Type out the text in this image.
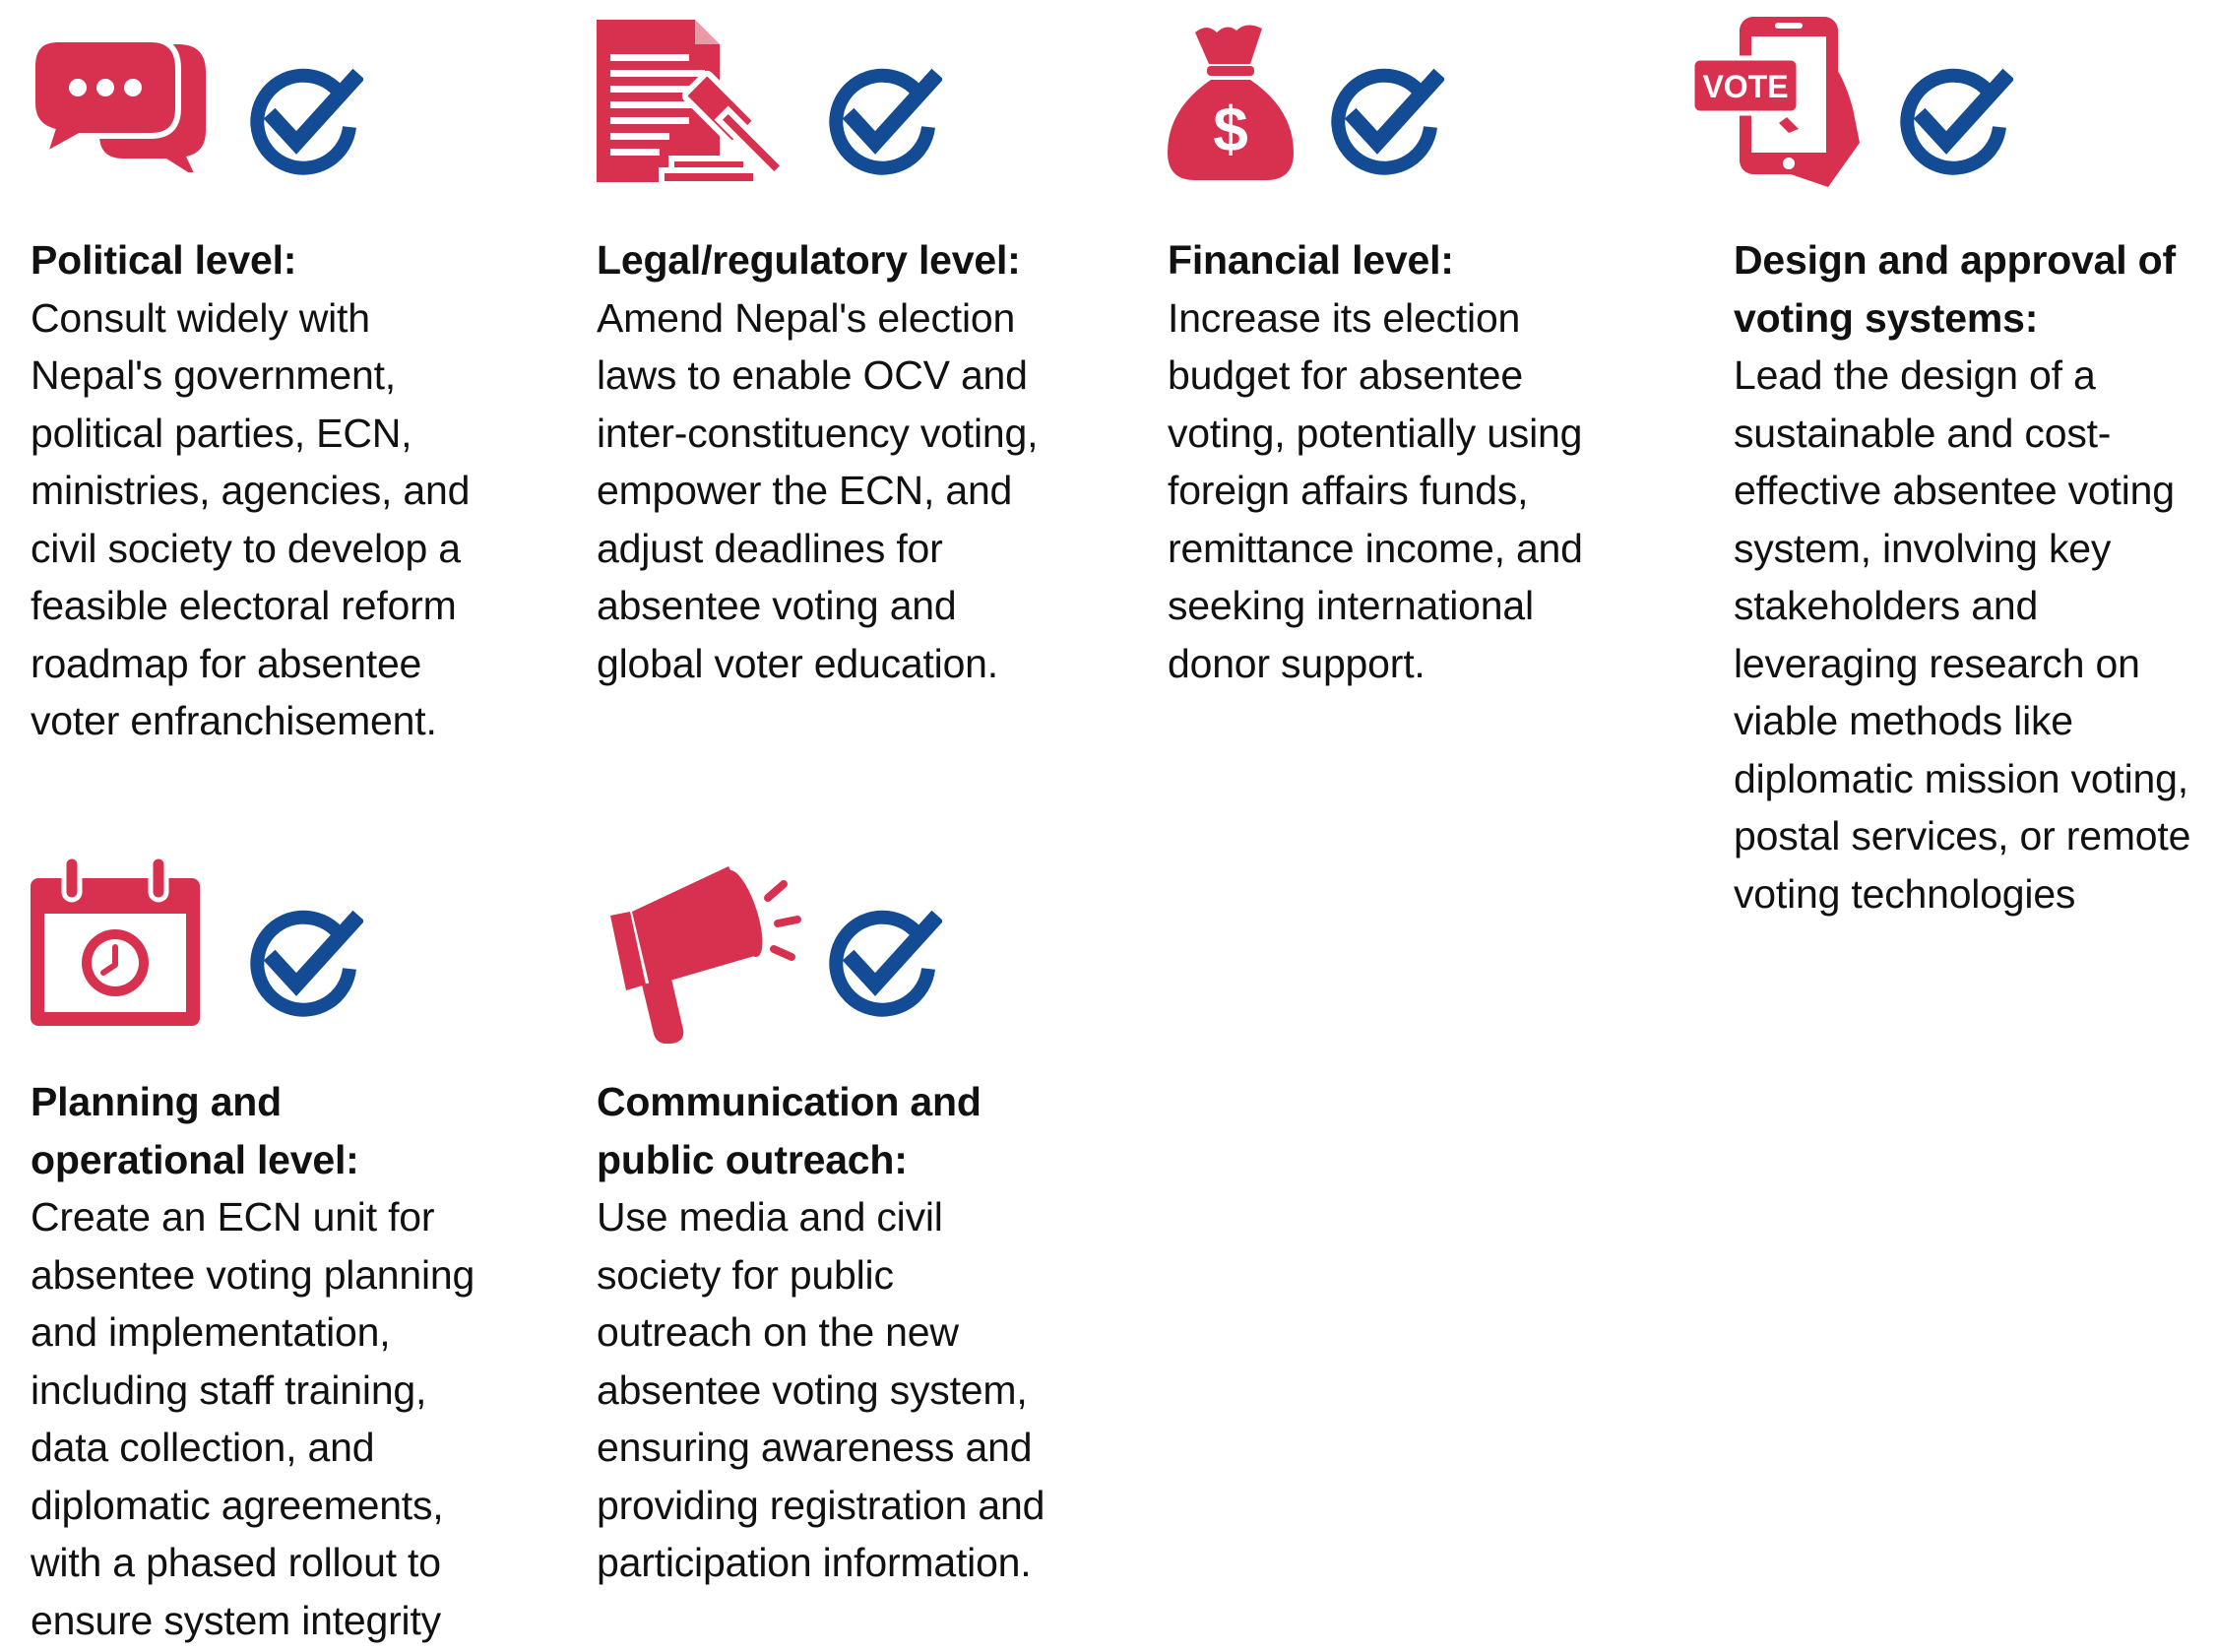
Political level:
Consult widely with
Nepal's government,
political parties, ECN,
ministries, agencies, and
civil society to develop a
feasible electoral reform
roadmap for absentee
voter enfranchisement.
Legal/regulatory level:
Amend Nepal's election
laws to enable OCV and
inter-constituency voting,
empower the ECN, and
adjust deadlines for
absentee voting and
global voter education.
$
Financial level:
Increase its election
budget for absentee
voting, potentially using
foreign affairs funds,
remittance income, and
seeking international
donor support.
VOTE
Design and approval of
voting systems:
Lead the design of a
sustainable and cost-
effective absentee voting
system, involving key
stakeholders and
leveraging research on
viable methods like
diplomatic mission voting,
postal services, or remote
voting technologies
Planning and
operational level:
Create an ECN unit for
absentee voting planning
and implementation,
including staff training,
data collection, and
diplomatic agreements,
with a phased rollout to
ensure system integrity
Communication and
public outreach:
Use media and civil
society for public
outreach on the new
absentee voting system,
ensuring awareness and
providing registration and
participation information.
